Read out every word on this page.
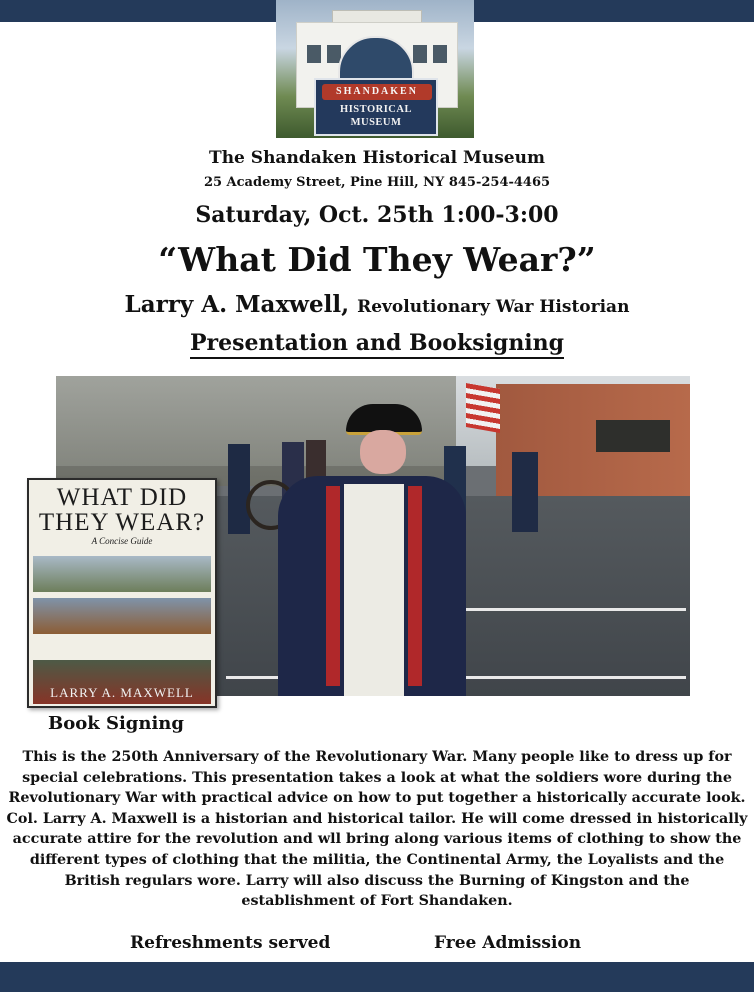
SHANDAKEN
HISTORICAL
MUSEUM
The Shandaken Historical Museum
25 Academy Street, Pine Hill, NY 845-254-4465
Saturday, Oct. 25th 1:00-3:00
“What Did They Wear?”
Larry A. Maxwell, Revolutionary War Historian
Presentation and Booksigning
WHAT DID
THEY WEAR?
A Concise Guide
LARRY A. MAXWELL
Book Signing

This is the 250th Anniversary of the Revolutionary War. Many people like to dress up for special celebrations. This presentation takes a look at what the soldiers wore during the Revolutionary War with practical advice on how to put together a historically accurate look. Col. Larry A. Maxwell is a historian and historical tailor. He will come dressed in historically accurate attire for the revolution and wll bring along various items of clothing to show the different types of clothing that the militia, the Continental Army, the Loyalists and the British regulars wore. Larry will also discuss the Burning of Kingston and the establishment of Fort Shandaken.

Refreshments served	Free Admission
